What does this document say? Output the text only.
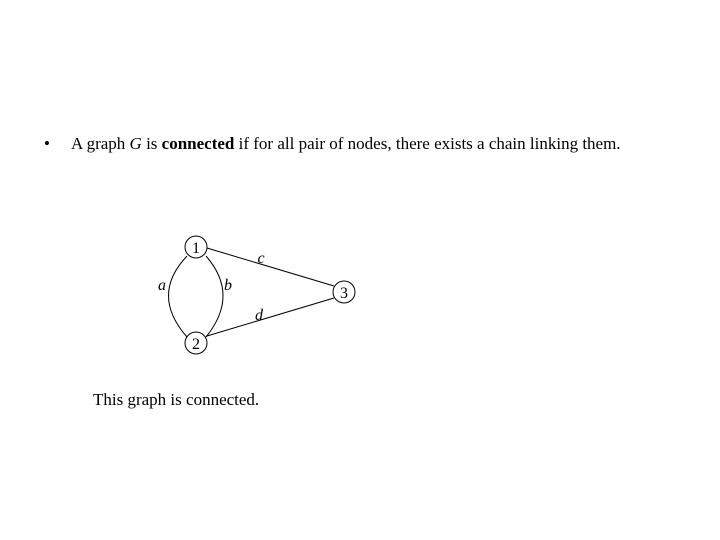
• A graph G is connected if for all pair of nodes, there exists a chain linking them.
1
2
3
a	b
c
d
This graph is connected.
